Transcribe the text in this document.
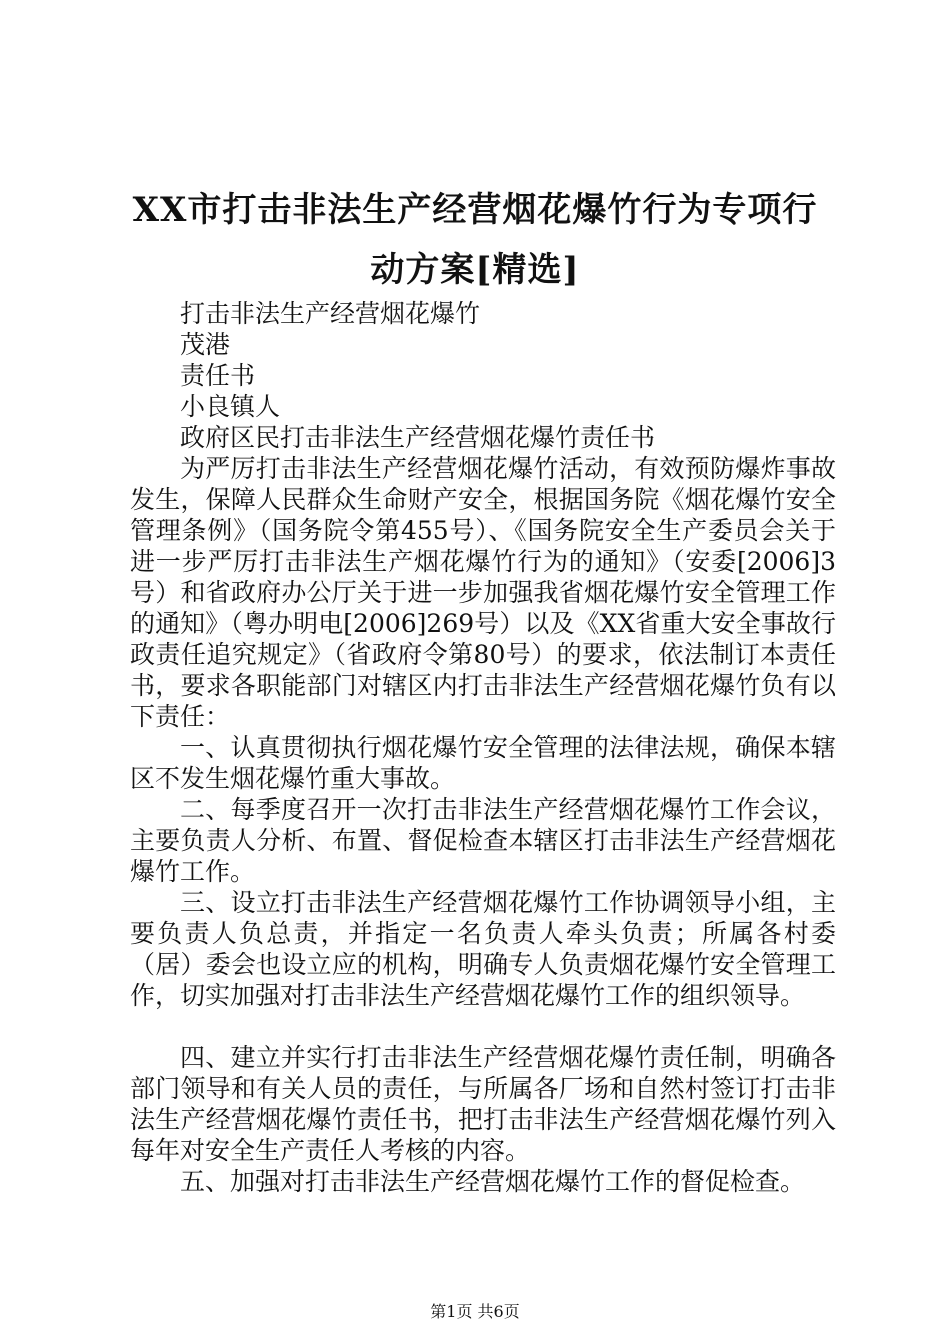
XX市打击非法生产经营烟花爆竹行为专项行
动方案[精选]

打击非法生产经营烟花爆竹

茂港

责任书

小良镇人

政府区民打击非法生产经营烟花爆竹责任书

为严厉打击非法生产经营烟花爆竹活动，有效预防爆炸事故发生，保障人民群众生命财产安全，根据国务院《烟花爆竹安全管理条例》（国务院令第455号）、《国务院安全生产委员会关于进一步严厉打击非法生产烟花爆竹行为的通知》（安委[2006]3号）和省政府办公厅关于进一步加强我省烟花爆竹安全管理工作的通知》（粤办明电[2006]269号）以及《XX省重大安全事故行政责任追究规定》（省政府令第80号）的要求，依法制订本责任书，要求各职能部门对辖区内打击非法生产经营烟花爆竹负有以下责任：

一、认真贯彻执行烟花爆竹安全管理的法律法规，确保本辖区不发生烟花爆竹重大事故。

二、每季度召开一次打击非法生产经营烟花爆竹工作会议，主要负责人分析、布置、督促检查本辖区打击非法生产经营烟花爆竹工作。

三、设立打击非法生产经营烟花爆竹工作协调领导小组，主要负责人负总责，并指定一名负责人牵头负责；所属各村委（居）委会也设立应的机构，明确专人负责烟花爆竹安全管理工作，切实加强对打击非法生产经营烟花爆竹工作的组织领导。

四、建立并实行打击非法生产经营烟花爆竹责任制，明确各部门领导和有关人员的责任，与所属各厂场和自然村签订打击非法生产经营烟花爆竹责任书，把打击非法生产经营烟花爆竹列入每年对安全生产责任人考核的内容。

五、加强对打击非法生产经营烟花爆竹工作的督促检查。

第1页 共6页
